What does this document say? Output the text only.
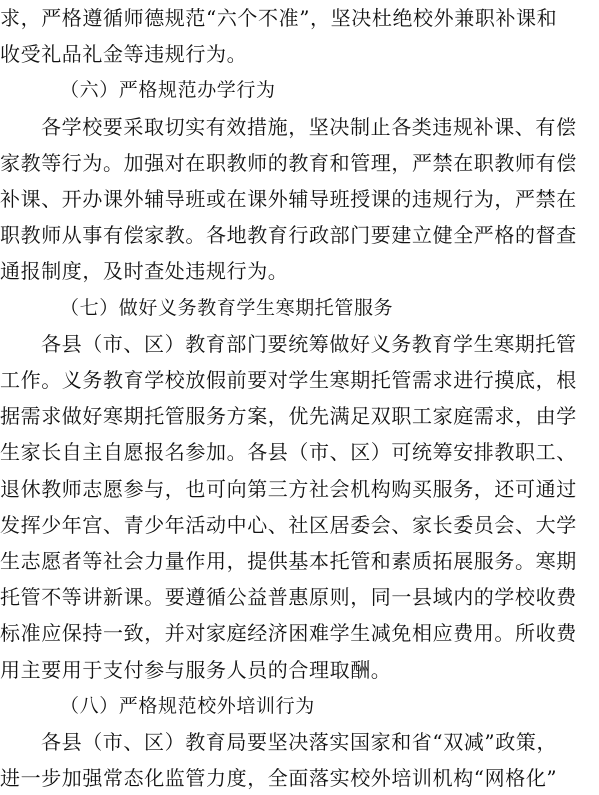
求，严格遵循师德规范“六个不准”，坚决杜绝校外兼职补课和
收受礼品礼金等违规行为。
（六）严格规范办学行为
各学校要采取切实有效措施，坚决制止各类违规补课、有偿
家教等行为。加强对在职教师的教育和管理，严禁在职教师有偿
补课、开办课外辅导班或在课外辅导班授课的违规行为，严禁在
职教师从事有偿家教。各地教育行政部门要建立健全严格的督查
通报制度，及时查处违规行为。
（七）做好义务教育学生寒期托管服务
各县（市、区）教育部门要统筹做好义务教育学生寒期托管
工作。义务教育学校放假前要对学生寒期托管需求进行摸底，根
据需求做好寒期托管服务方案，优先满足双职工家庭需求，由学
生家长自主自愿报名参加。各县（市、区）可统筹安排教职工、
退休教师志愿参与，也可向第三方社会机构购买服务，还可通过
发挥少年宫、青少年活动中心、社区居委会、家长委员会、大学
生志愿者等社会力量作用，提供基本托管和素质拓展服务。寒期
托管不等讲新课。要遵循公益普惠原则，同一县域内的学校收费
标准应保持一致，并对家庭经济困难学生减免相应费用。所收费
用主要用于支付参与服务人员的合理取酬。
（八）严格规范校外培训行为
各县（市、区）教育局要坚决落实国家和省“双减”政策，
进一步加强常态化监管力度，全面落实校外培训机构“网格化”
